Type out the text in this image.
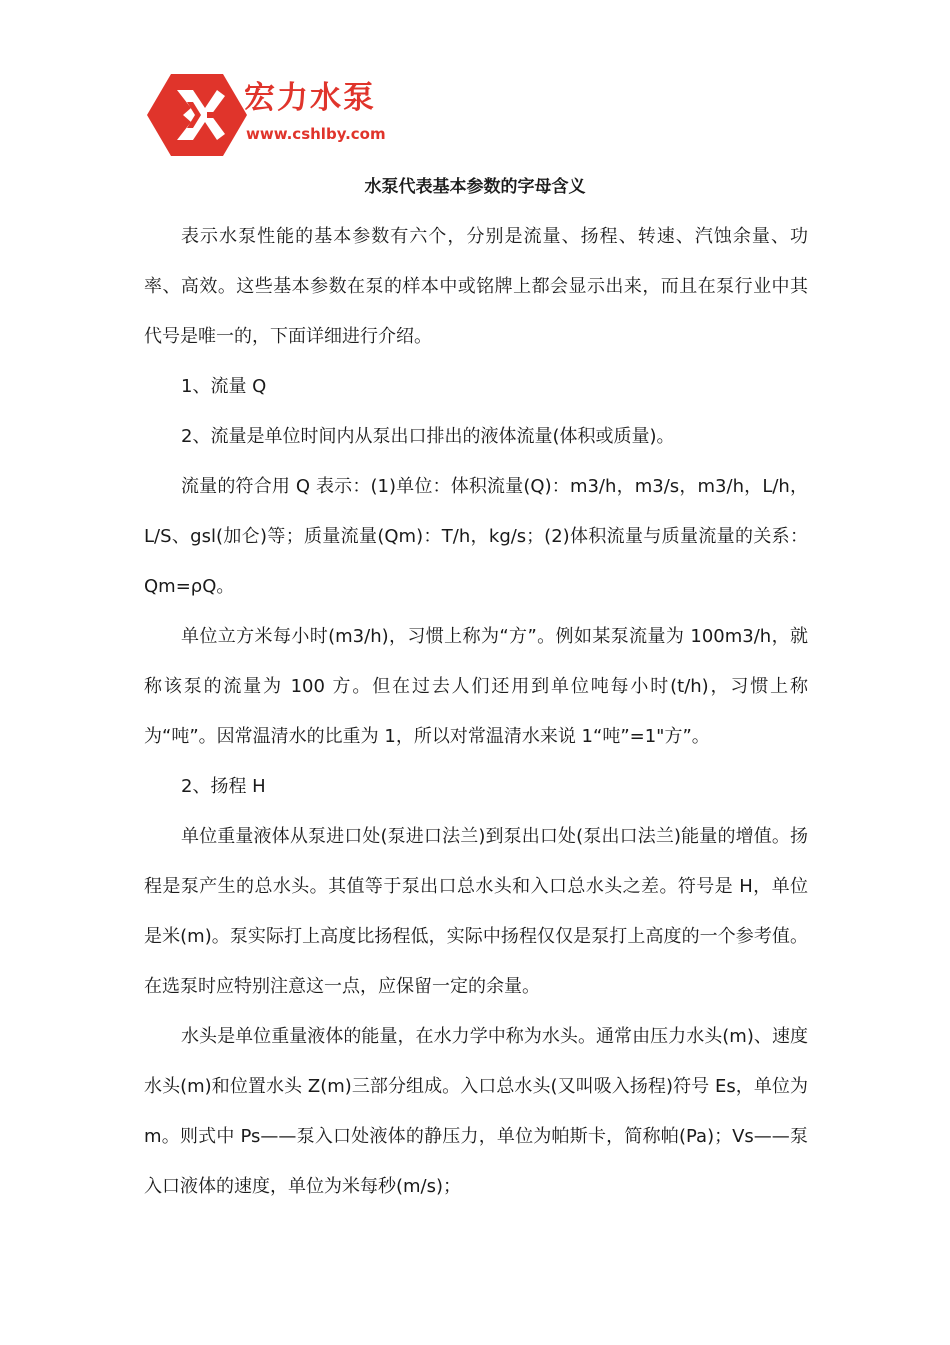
宏力水泵
www.cshlby.com
水泵代表基本参数的字母含义

表示水泵性能的基本参数有六个，分别是流量、扬程、转速、汽蚀余量、功率、高效。这些基本参数在泵的样本中或铭牌上都会显示出来，而且在泵行业中其代号是唯一的，下面详细进行介绍。

1、流量 Q

2、流量是单位时间内从泵出口排出的液体流量(体积或质量)。

流量的符合用 Q 表示：(1)单位：体积流量(Q)：m3/h，m3/s，m3/h，L/h，L/S、gsl(加仑)等；质量流量(Qm)：T/h，kg/s；(2)体积流量与质量流量的关系：Qm=ρQ。

单位立方米每小时(m3/h)，习惯上称为“方”。例如某泵流量为 100m3/h，就称该泵的流量为 100 方。但在过去人们还用到单位吨每小时(t/h)，习惯上称为“吨”。因常温清水的比重为 1，所以对常温清水来说 1“吨”=1"方”。

2、扬程 H

单位重量液体从泵进口处(泵进口法兰)到泵出口处(泵出口法兰)能量的增值。扬程是泵产生的总水头。其值等于泵出口总水头和入口总水头之差。符号是 H，单位是米(m)。泵实际打上高度比扬程低，实际中扬程仅仅是泵打上高度的一个参考值。在选泵时应特别注意这一点，应保留一定的余量。

水头是单位重量液体的能量，在水力学中称为水头。通常由压力水头(m)、速度水头(m)和位置水头 Z(m)三部分组成。入口总水头(又叫吸入扬程)符号 Es，单位为 m。则式中 Ps——泵入口处液体的静压力，单位为帕斯卡，简称帕(Pa)；Vs——泵入口液体的速度，单位为米每秒(m/s)；
